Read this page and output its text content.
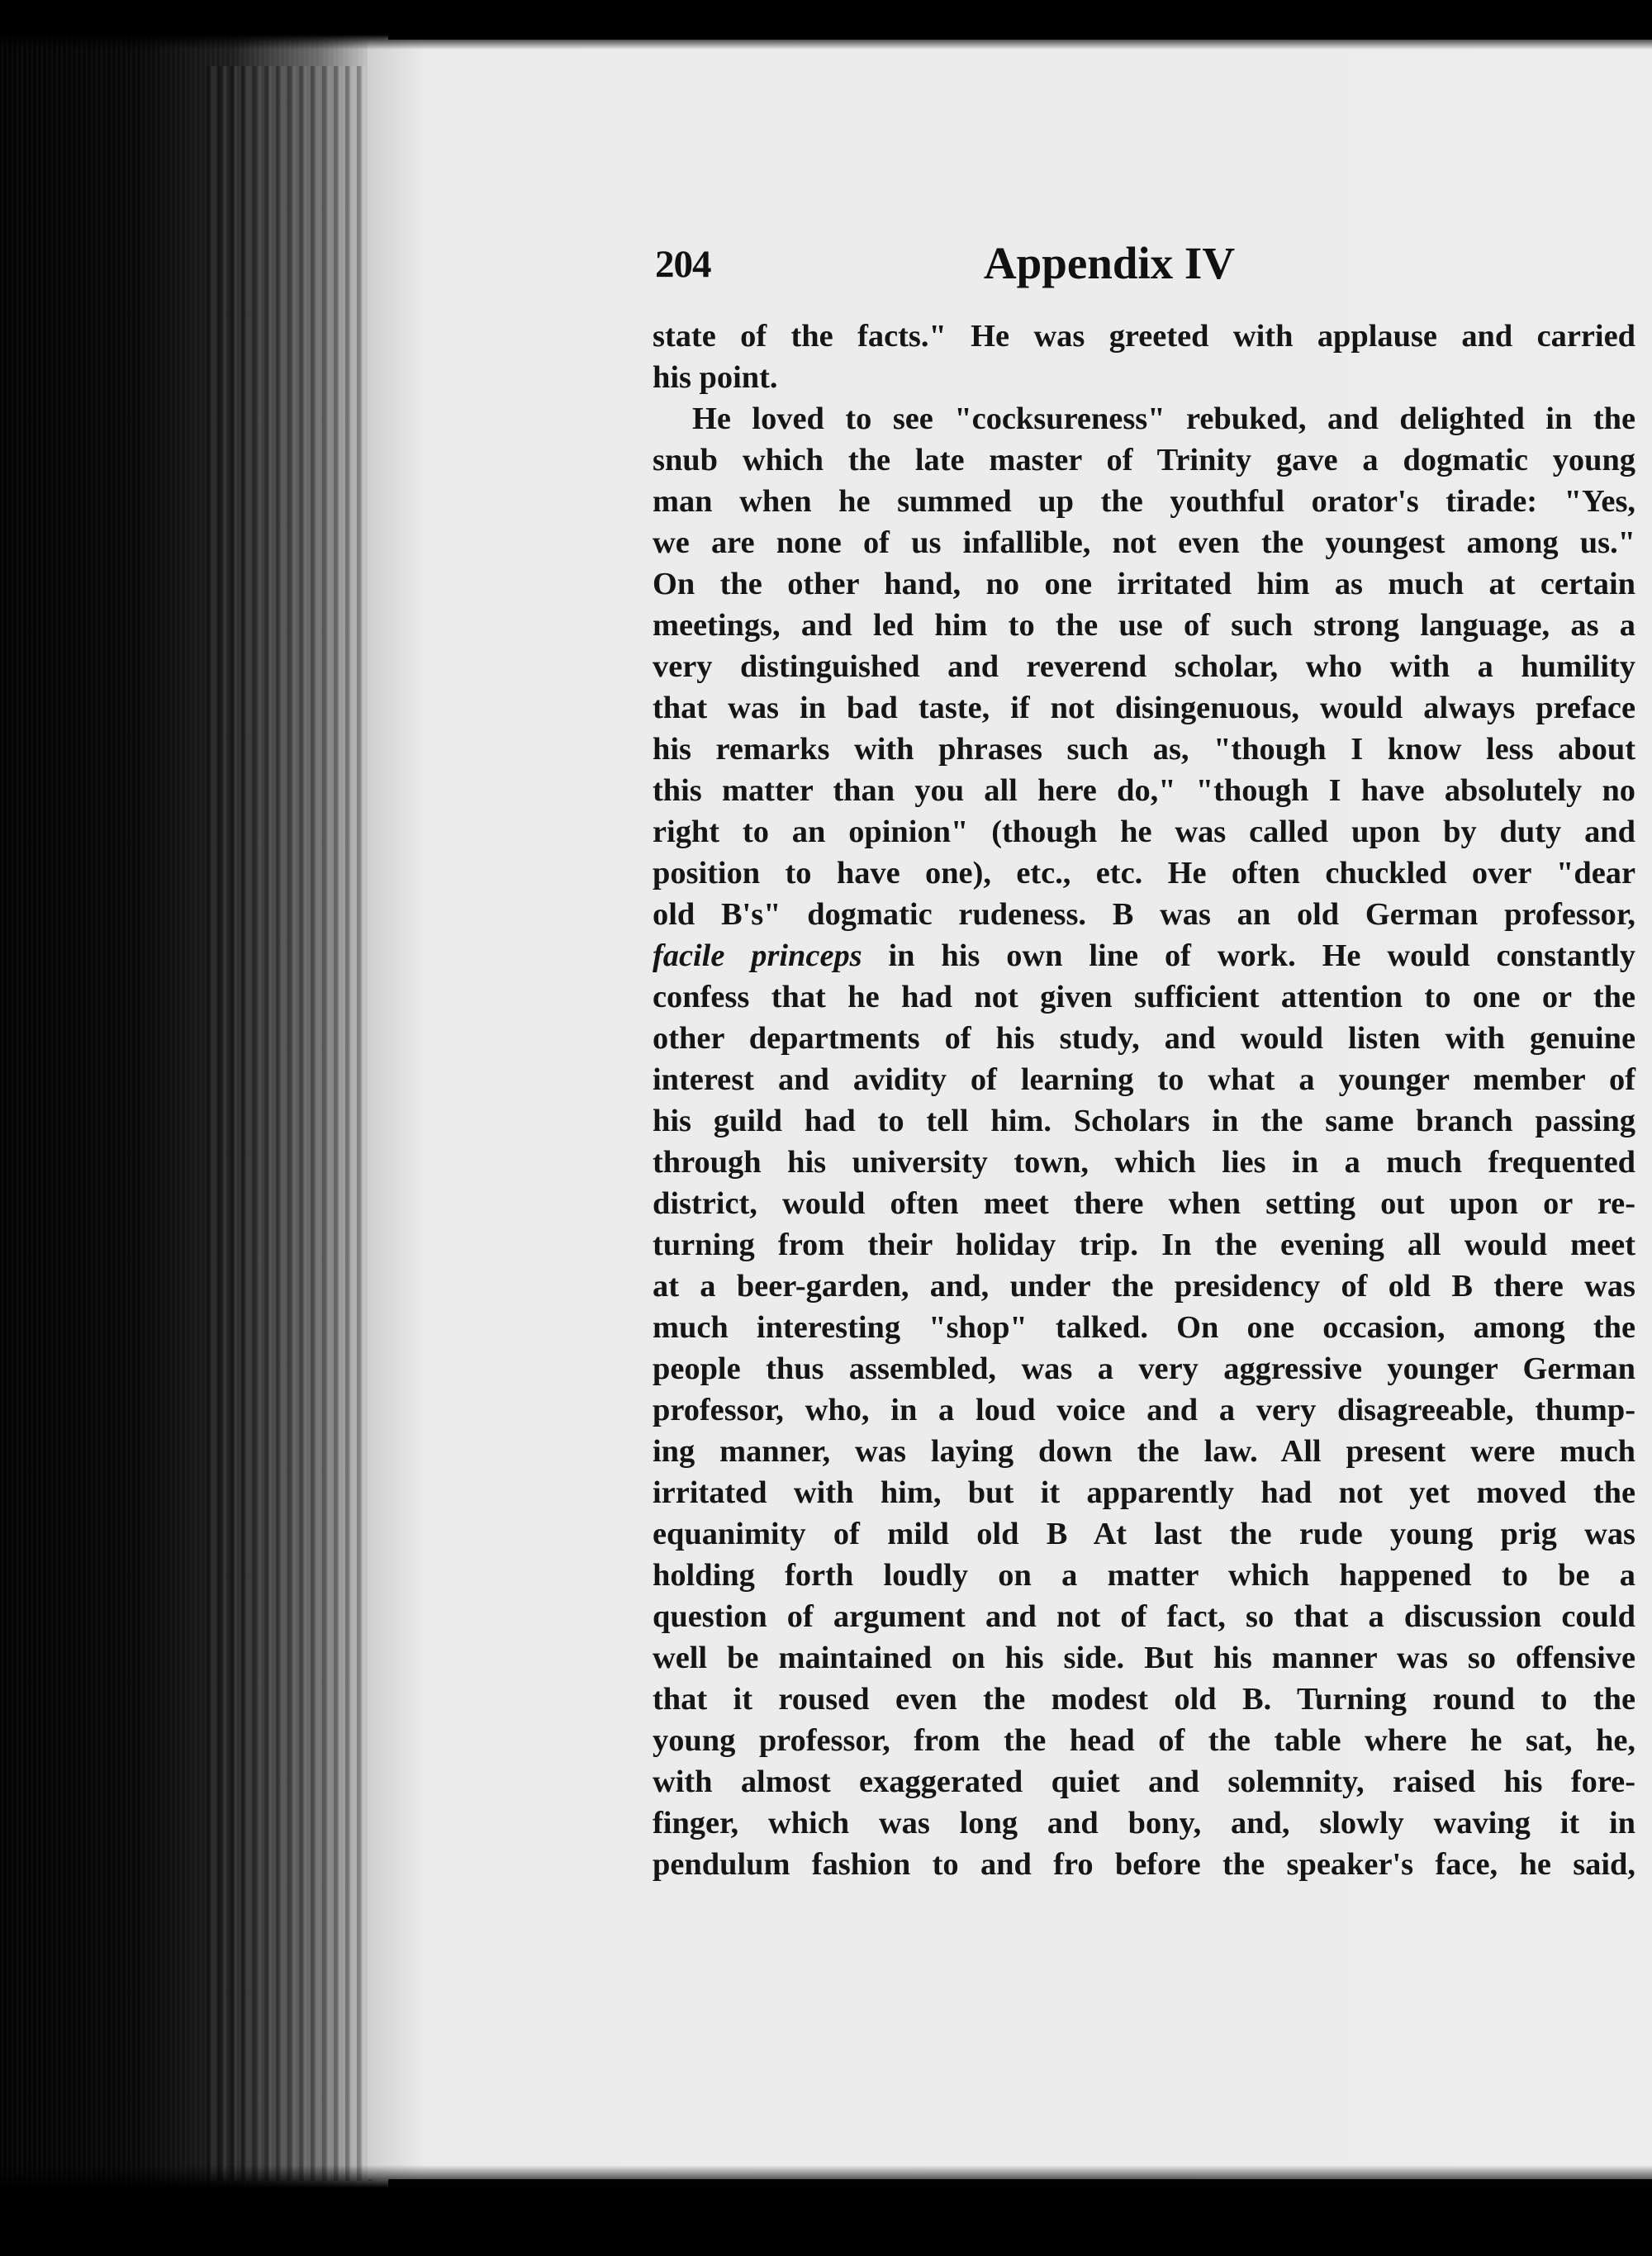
204	Appendix IV
state of the facts." He was greeted with applause and carried
his point.
He loved to see "cocksureness" rebuked, and delighted in the
snub which the late master of Trinity gave a dogmatic young
man when he summed up the youthful orator's tirade: "Yes,
we are none of us infallible, not even the youngest among us."
On the other hand, no one irritated him as much at certain
meetings, and led him to the use of such strong language, as a
very distinguished and reverend scholar, who with a humility
that was in bad taste, if not disingenuous, would always preface
his remarks with phrases such as, "though I know less about
this matter than you all here do," "though I have absolutely no
right to an opinion" (though he was called upon by duty and
position to have one), etc., etc. He often chuckled over "dear
old B's" dogmatic rudeness. B was an old German professor,
facile princeps in his own line of work. He would constantly
confess that he had not given sufficient attention to one or the
other departments of his study, and would listen with genuine
interest and avidity of learning to what a younger member of
his guild had to tell him. Scholars in the same branch passing
through his university town, which lies in a much frequented
district, would often meet there when setting out upon or re-
turning from their holiday trip. In the evening all would meet
at a beer-garden, and, under the presidency of old B there was
much interesting "shop" talked. On one occasion, among the
people thus assembled, was a very aggressive younger German
professor, who, in a loud voice and a very disagreeable, thump-
ing manner, was laying down the law. All present were much
irritated with him, but it apparently had not yet moved the
equanimity of mild old B At last the rude young prig was
holding forth loudly on a matter which happened to be a
question of argument and not of fact, so that a discussion could
well be maintained on his side. But his manner was so offensive
that it roused even the modest old B. Turning round to the
young professor, from the head of the table where he sat, he,
with almost exaggerated quiet and solemnity, raised his fore-
finger, which was long and bony, and, slowly waving it in
pendulum fashion to and fro before the speaker's face, he said,
